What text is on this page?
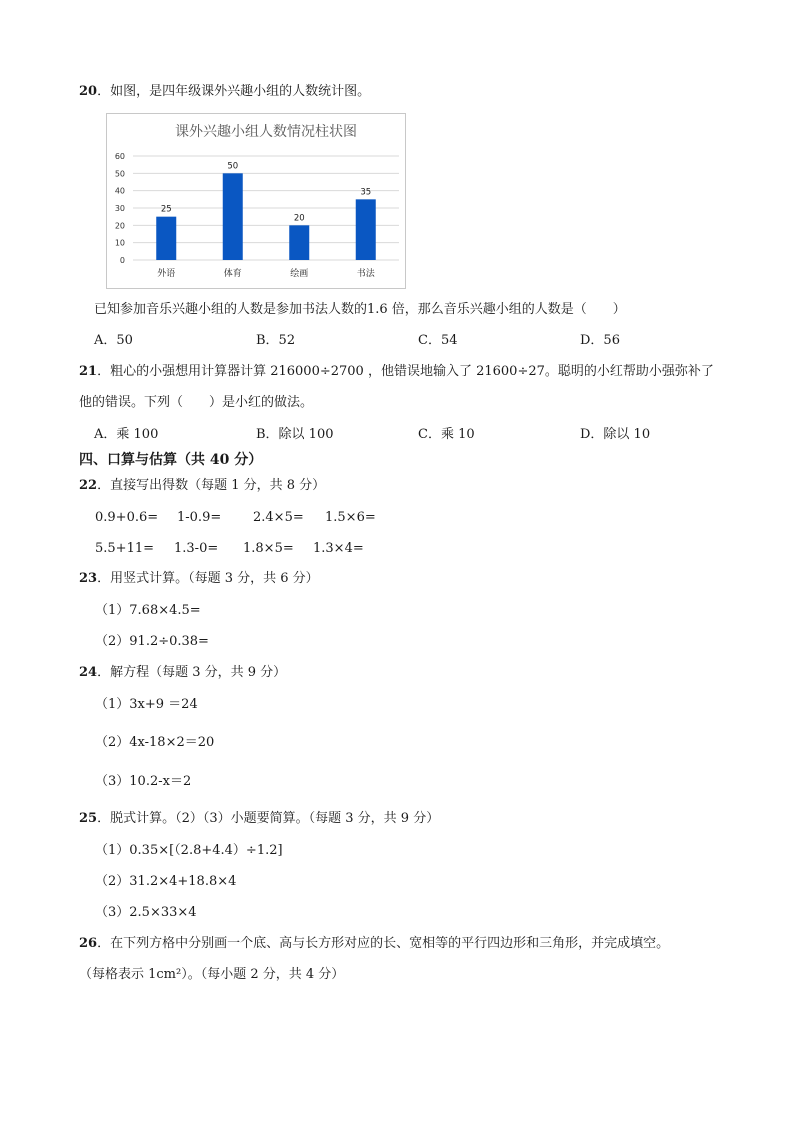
20．如图，是四年级课外兴趣小组的人数统计图。
课外兴趣小组人数情况柱状图
0
10
20
30
40
50
60
25
50
20
35
外语	体育	绘画	书法
已知参加音乐兴趣小组的人数是参加书法人数的1.6 倍，那么音乐兴趣小组的人数是（　　）
A．50	B．52	C．54	D．56
21．粗心的小强想用计算器计算 216000÷2700 ，他错误地输入了 21600÷27。聪明的小红帮助小强弥补了
他的错误。下列（　　）是小红的做法。
A．乘 100	B．除以 100	C．乘 10	D．除以 10
四、口算与估算（共 40 分）
22．直接写出得数（每题 1 分，共 8 分）
0.9+0.6= 1-0.9= 2.4×5= 1.5×6=
5.5+11= 1.3-0= 1.8×5= 1.3×4=
23．用竖式计算。（每题 3 分，共 6 分）
（1）7.68×4.5=
（2）91.2÷0.38=
24．解方程（每题 3 分，共 9 分）
（1）3x+9 ＝24
（2）4x-18×2＝20
（3）10.2-x＝2
25．脱式计算。（2）（3）小题要简算。（每题 3 分，共 9 分）
（1）0.35×[（2.8+4.4）÷1.2]
（2）31.2×4+18.8×4
（3）2.5×33×4
26．在下列方格中分别画一个底、高与长方形对应的长、宽相等的平行四边形和三角形，并完成填空。
（每格表示 1cm²）。（每小题 2 分，共 4 分）
